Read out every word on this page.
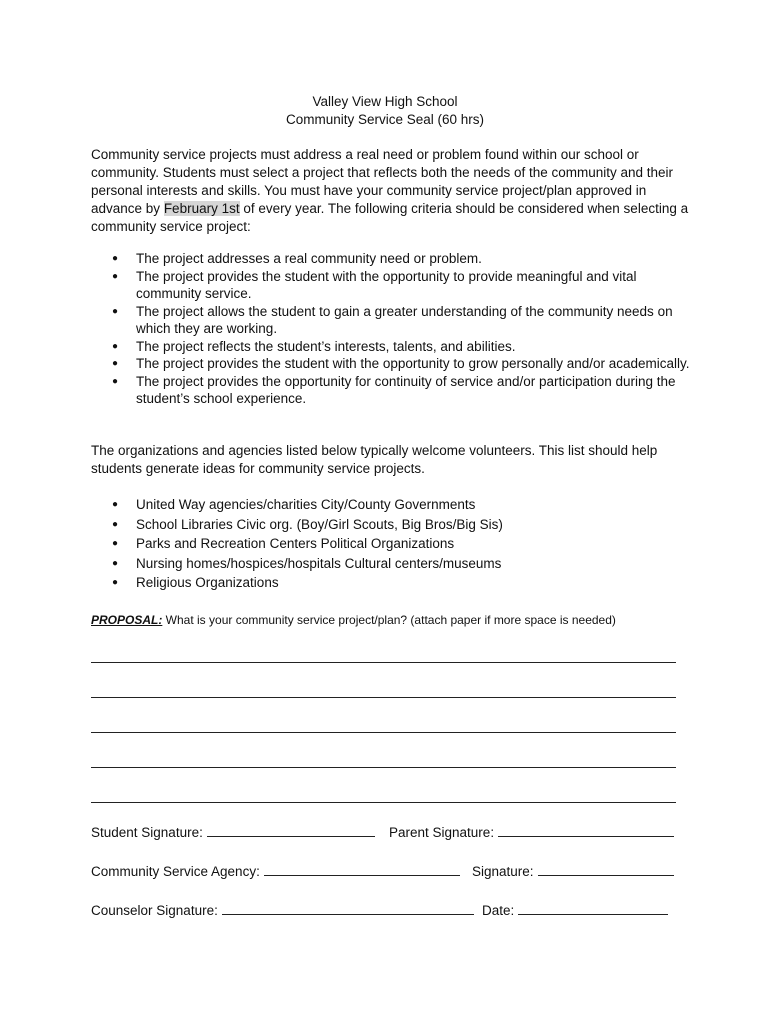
Valley View High School
Community Service Seal (60 hrs)
Community service projects must address a real need or problem found within our school or community. Students must select a project that reflects both the needs of the community and their personal interests and skills. You must have your community service project/plan approved in advance by February 1st of every year. The following criteria should be considered when selecting a community service project:
● The project addresses a real community need or problem.
● The project provides the student with the opportunity to provide meaningful and vital community service.
● The project allows the student to gain a greater understanding of the community needs on which they are working.
● The project reflects the student’s interests, talents, and abilities.
● The project provides the student with the opportunity to grow personally and/or academically.
● The project provides the opportunity for continuity of service and/or participation during the student’s school experience.
The organizations and agencies listed below typically welcome volunteers. This list should help students generate ideas for community service projects.
● United Way agencies/charities City/County Governments
● School Libraries Civic org. (Boy/Girl Scouts, Big Bros/Big Sis)
● Parks and Recreation Centers Political Organizations
● Nursing homes/hospices/hospitals Cultural centers/museums
● Religious Organizations
PROPOSAL: What is your community service project/plan? (attach paper if more space is needed)
Student Signature:	Parent Signature:
Community Service Agency:	Signature:
Counselor Signature:	Date:
